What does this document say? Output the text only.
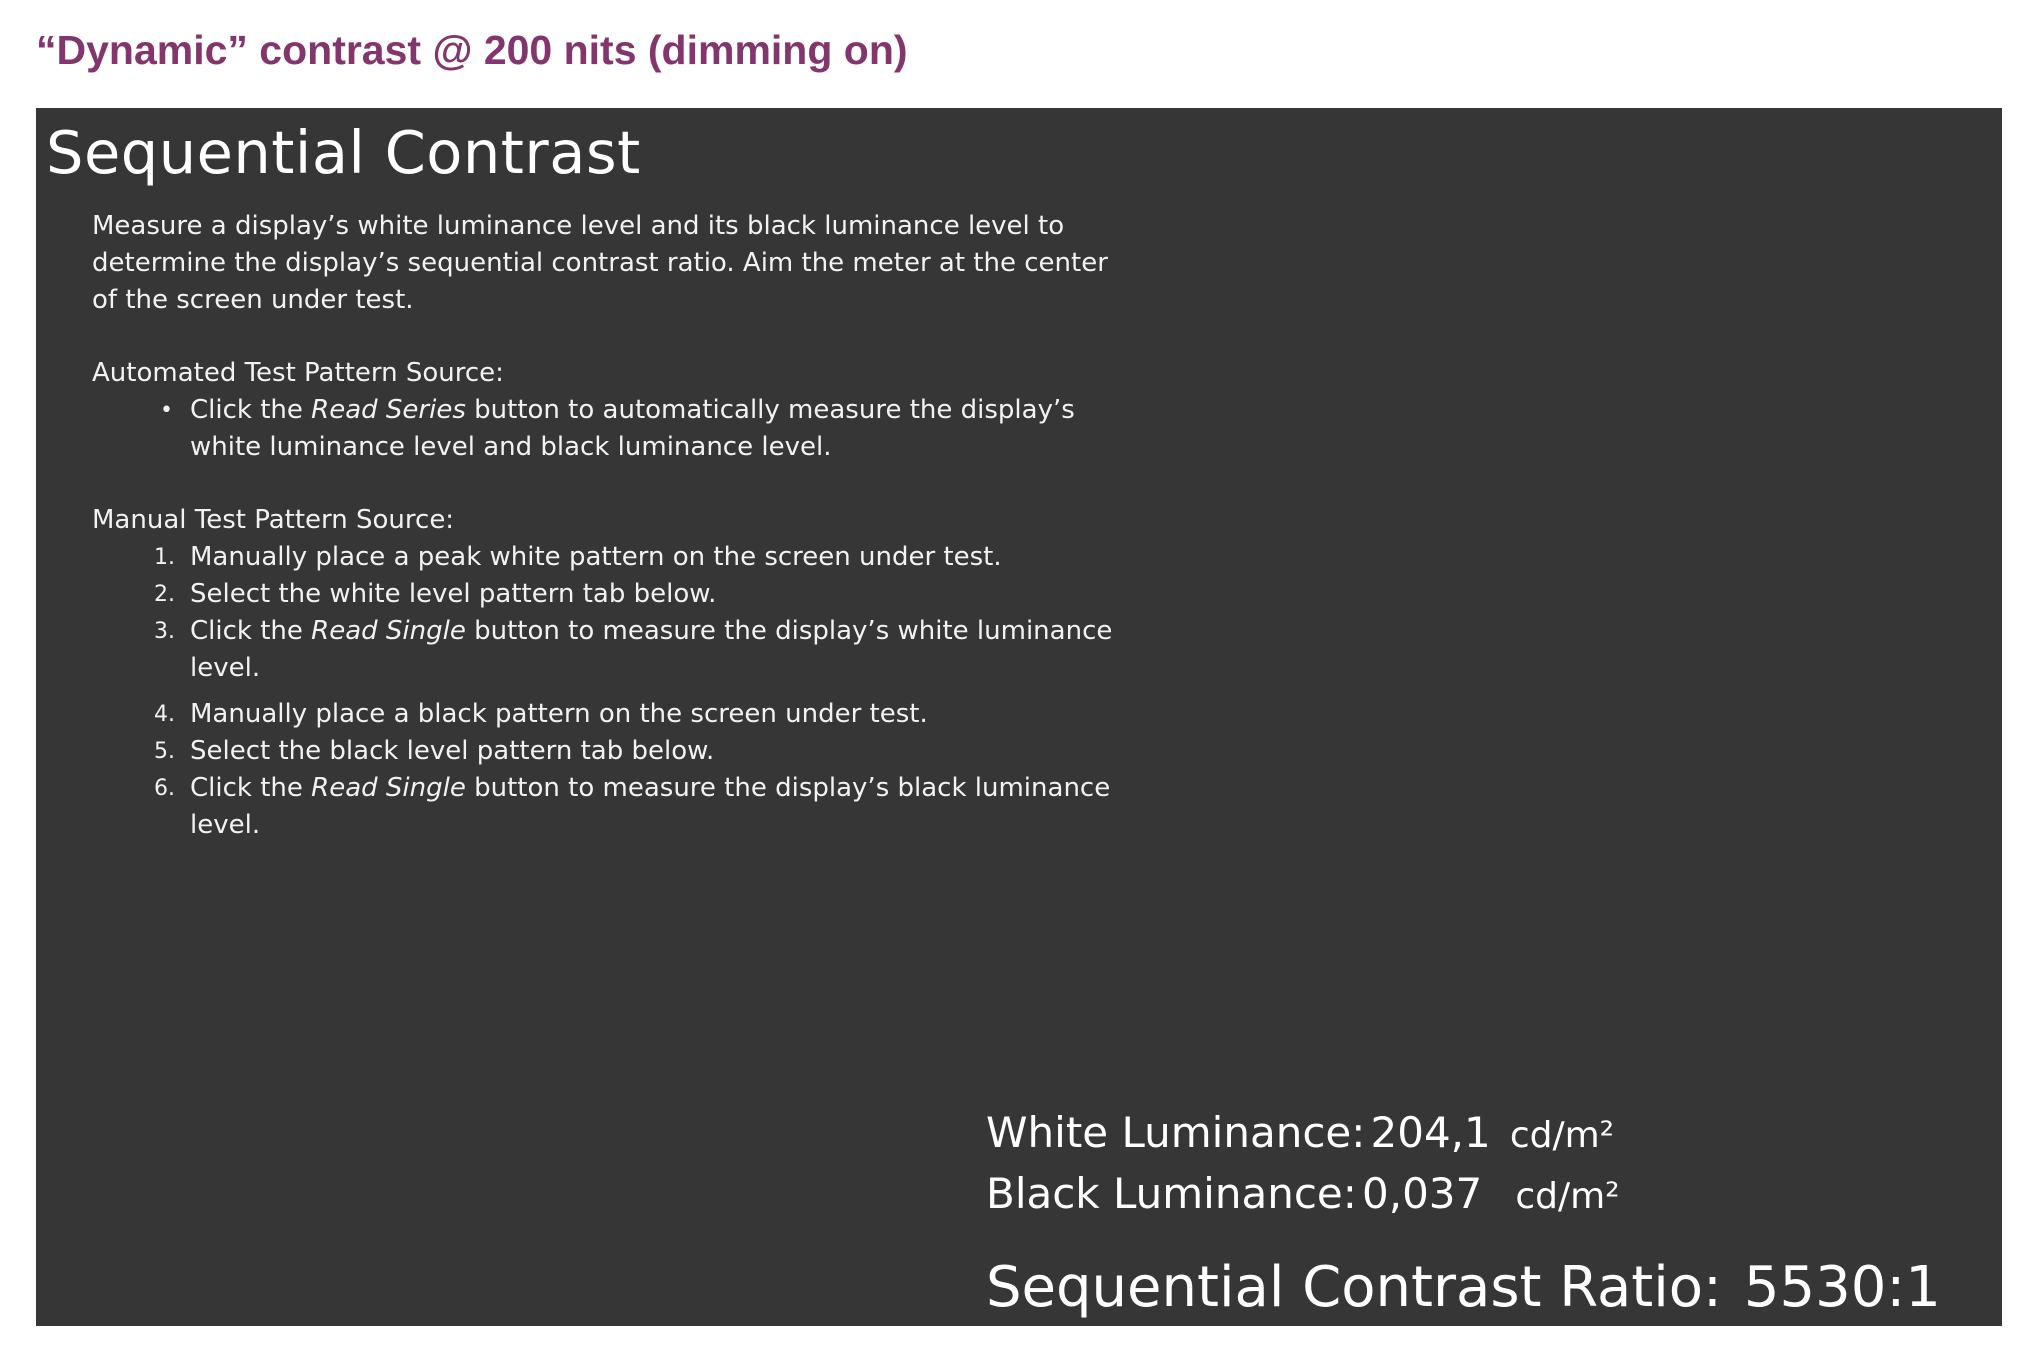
“Dynamic” contrast @ 200 nits (dimming on)
Sequential Contrast

Measure a display’s white luminance level and its black luminance level to determine the display’s sequential contrast ratio. Aim the meter at the center of the screen under test.

Automated Test Pattern Source:

• Click the Read Series button to automatically measure the display’s white luminance level and black luminance level.

Manual Test Pattern Source:

1. Manually place a peak white pattern on the screen under test.
2. Select the white level pattern tab below.
3. Click the Read Single button to measure the display’s white luminance level.
4. Manually place a black pattern on the screen under test.
5. Select the black level pattern tab below.
6. Click the Read Single button to measure the display’s black luminance level.
White Luminance: 204,1 cd/m²
Black Luminance: 0,037 cd/m²
Sequential Contrast Ratio: 5530:1
